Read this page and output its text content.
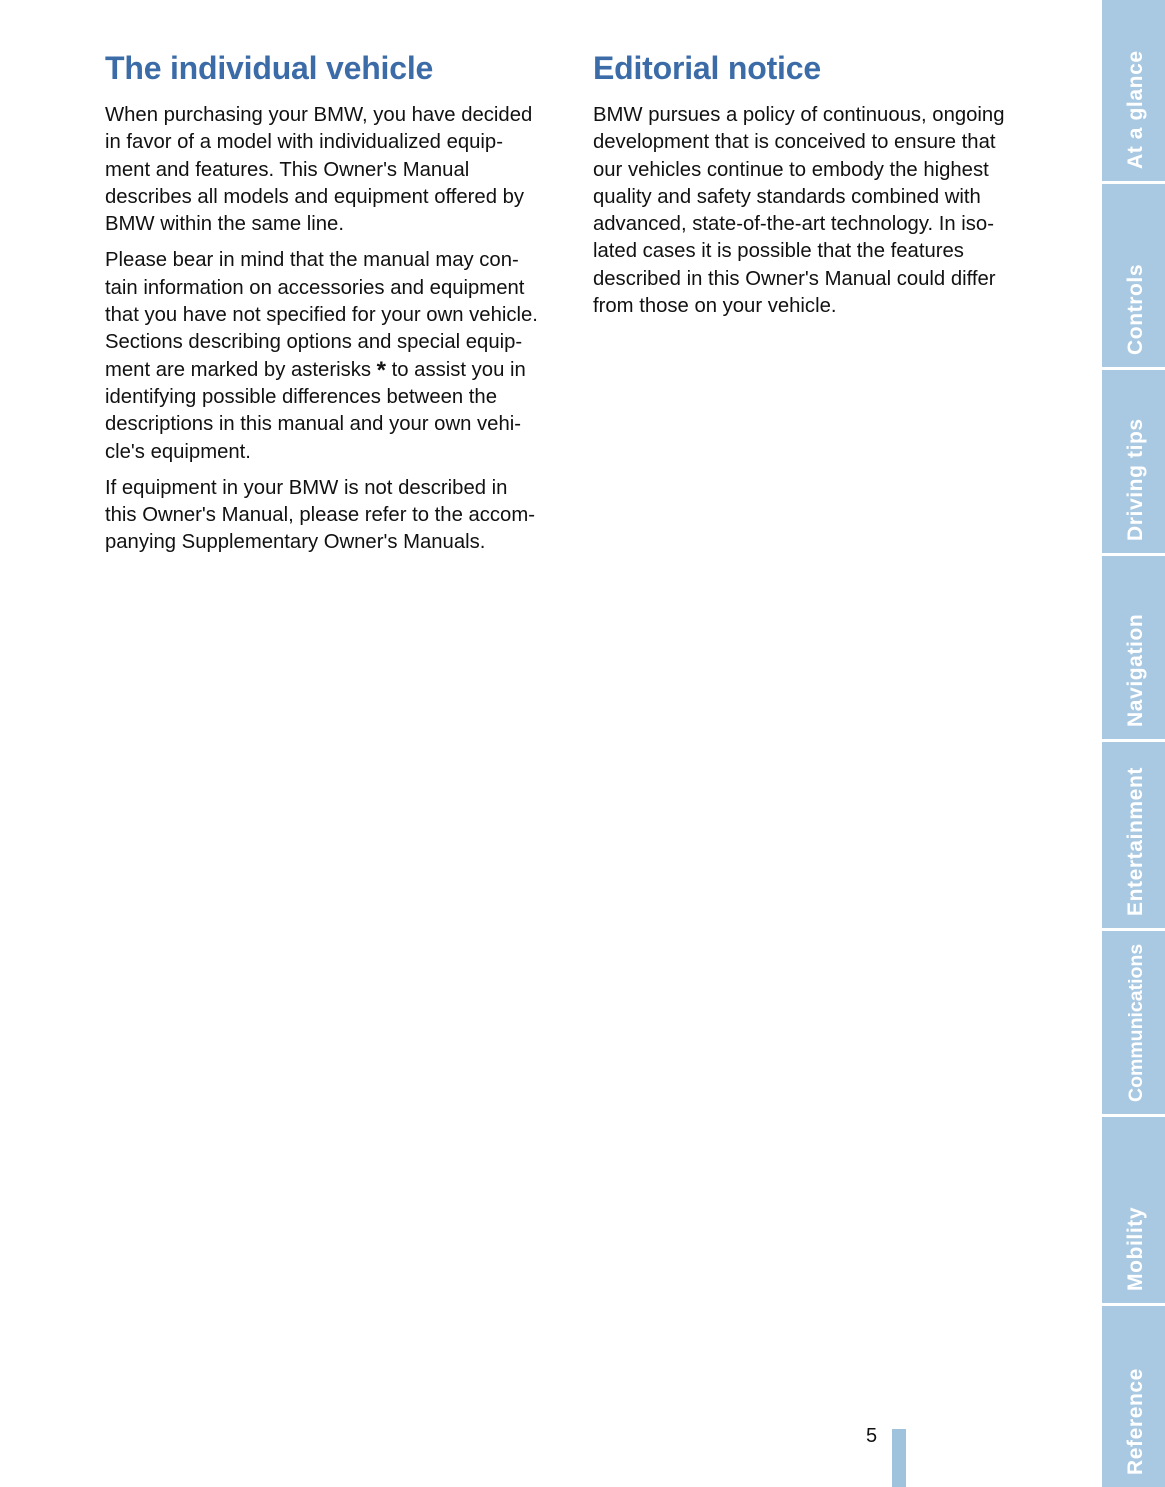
The individual vehicle

When purchasing your BMW, you have decided
in favor of a model with individualized equip-
ment and features. This Owner's Manual
describes all models and equipment offered by
BMW within the same line.

Please bear in mind that the manual may con-
tain information on accessories and equipment
that you have not specified for your own vehicle.
Sections describing options and special equip-
ment are marked by asterisks * to assist you in
identifying possible differences between the
descriptions in this manual and your own vehi-
cle's equipment.

If equipment in your BMW is not described in
this Owner's Manual, please refer to the accom-
panying Supplementary Owner's Manuals.

Editorial notice

BMW pursues a policy of continuous, ongoing
development that is conceived to ensure that
our vehicles continue to embody the highest
quality and safety standards combined with
advanced, state-of-the-art technology. In iso-
lated cases it is possible that the features
described in this Owner's Manual could differ
from those on your vehicle.

5
At a glance
Controls
Driving tips
Navigation
Entertainment
Communications
Mobility
Reference
